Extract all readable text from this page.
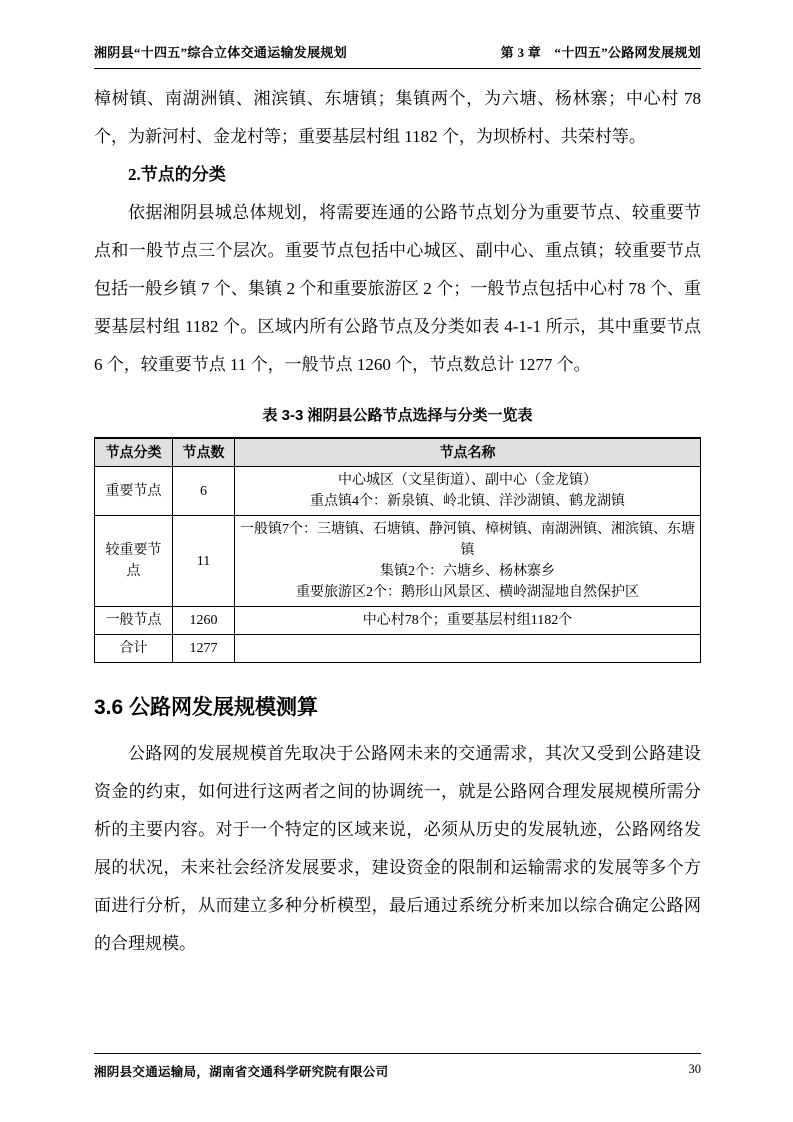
湘阴县“十四五”综合立体交通运输发展规划	第 3 章　“十四五”公路网发展规划

樟树镇、南湖洲镇、湘滨镇、东塘镇；集镇两个，为六塘、杨林寨；中心村 78 个，为新河村、金龙村等；重要基层村组 1182 个，为坝桥村、共荣村等。

2.节点的分类

依据湘阴县城总体规划，将需要连通的公路节点划分为重要节点、较重要节点和一般节点三个层次。重要节点包括中心城区、副中心、重点镇；较重要节点包括一般乡镇 7 个、集镇 2 个和重要旅游区 2 个；一般节点包括中心村 78 个、重要基层村组 1182 个。区域内所有公路节点及分类如表 4-1-1 所示，其中重要节点 6 个，较重要节点 11 个，一般节点 1260 个，节点数总计 1277 个。

表 3-3 湘阴县公路节点选择与分类一览表
节点分类	节点数	节点名称
重要节点	6	中心城区（文星街道）、副中心（金龙镇）
重点镇4个：新泉镇、岭北镇、洋沙湖镇、鹤龙湖镇
较重要节点	11	一般镇7个：三塘镇、石塘镇、静河镇、樟树镇、南湖洲镇、湘滨镇、东塘镇
集镇2个：六塘乡、杨林寨乡
重要旅游区2个：鹅形山风景区、横岭湖湿地自然保护区
一般节点	1260	中心村78个；重要基层村组1182个
合计	1277	
3.6 公路网发展规模测算

公路网的发展规模首先取决于公路网未来的交通需求，其次又受到公路建设资金的约束，如何进行这两者之间的协调统一，就是公路网合理发展规模所需分析的主要内容。对于一个特定的区域来说，必须从历史的发展轨迹，公路网络发展的状况，未来社会经济发展要求，建设资金的限制和运输需求的发展等多个方面进行分析，从而建立多种分析模型，最后通过系统分析来加以综合确定公路网的合理规模。

湘阴县交通运输局，湖南省交通科学研究院有限公司	30
